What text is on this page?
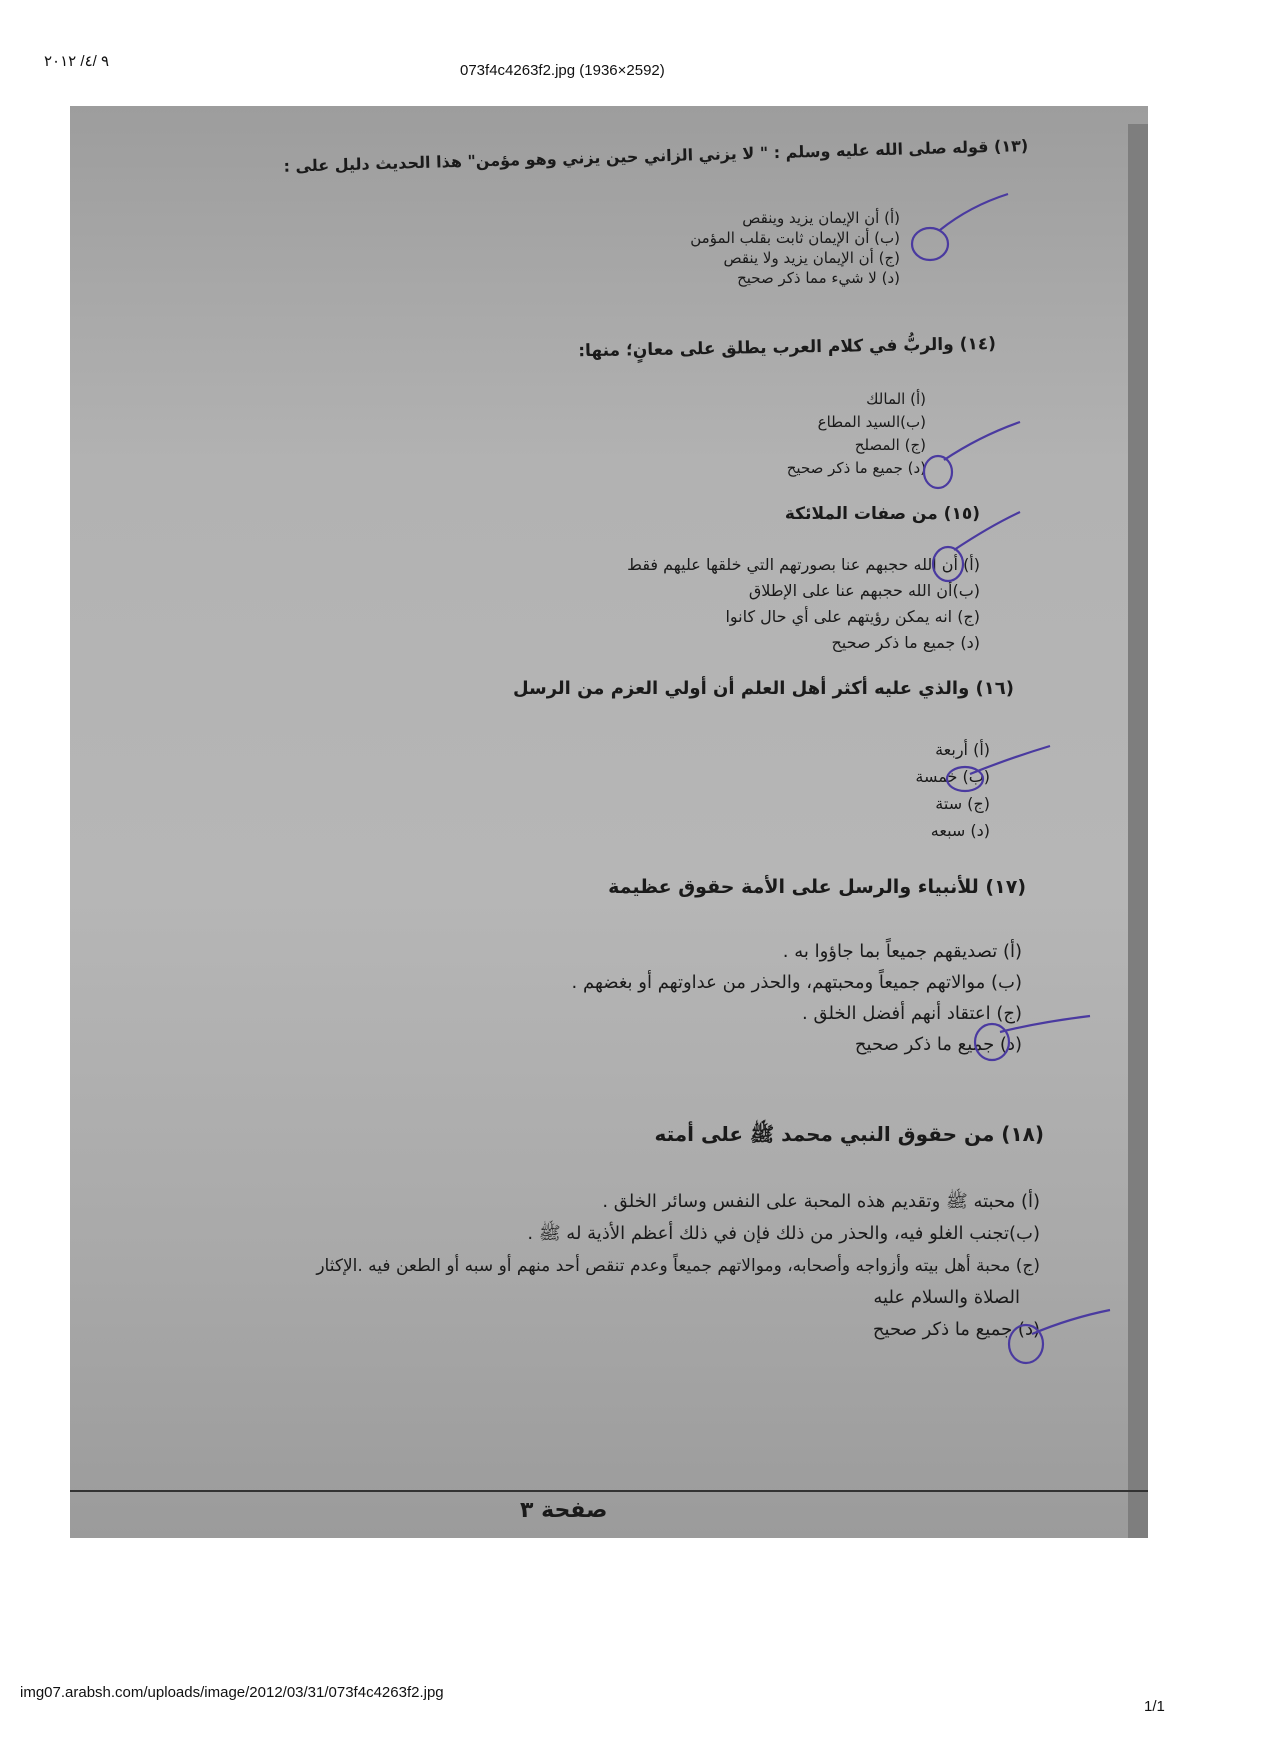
٩ /٤/ ٢٠١٢
073f4c4263f2.jpg (1936×2592)
(١٣) قوله صلى الله عليه وسلم : " لا يزني الزاني حين يزني وهو مؤمن" هذا الحديث دليل على :
(أ) أن الإيمان يزيد وينقص
(ب) أن الإيمان ثابت بقلب المؤمن
(ج) أن الإيمان يزيد ولا ينقص
(د) لا شيء مما ذكر صحيح
(١٤) والربُّ في كلام العرب يطلق على معانٍ؛ منها:
(أ) المالك
(ب)السيد المطاع
(ج) المصلح
(د) جميع ما ذكر صحيح
(١٥) من صفات الملائكة
(أ) أن الله حجبهم عنا بصورتهم التي خلقها عليهم فقط
(ب)أن الله حجبهم عنا على الإطلاق
(ج) انه يمكن رؤيتهم على أي حال كانوا
(د) جميع ما ذكر صحيح
(١٦) والذي عليه أكثر أهل العلم أن أولي العزم من الرسل
(أ) أربعة
(ب) خمسة
(ج) ستة
(د) سبعه
(١٧) للأنبياء والرسل على الأمة حقوق عظيمة
(أ) تصديقهم جميعاً بما جاؤوا به .
(ب) موالاتهم جميعاً ومحبتهم، والحذر من عداوتهم أو بغضهم .
(ج) اعتقاد أنهم أفضل الخلق .
(د) جميع ما ذكر صحيح
(١٨) من حقوق النبي محمد ﷺ على أمته
(أ) محبته ﷺ وتقديم هذه المحبة على النفس وسائر الخلق .
(ب)تجنب الغلو فيه، والحذر من ذلك فإن في ذلك أعظم الأذية له ﷺ .
(ج) محبة أهل بيته وأزواجه وأصحابه، وموالاتهم جميعاً وعدم تنقص أحد منهم أو سبه أو الطعن فيه .الإكثار
الصلاة والسلام عليه
(د) جميع ما ذكر صحيح
صفحة ٣
img07.arabsh.com/uploads/image/2012/03/31/073f4c4263f2.jpg
1/1
